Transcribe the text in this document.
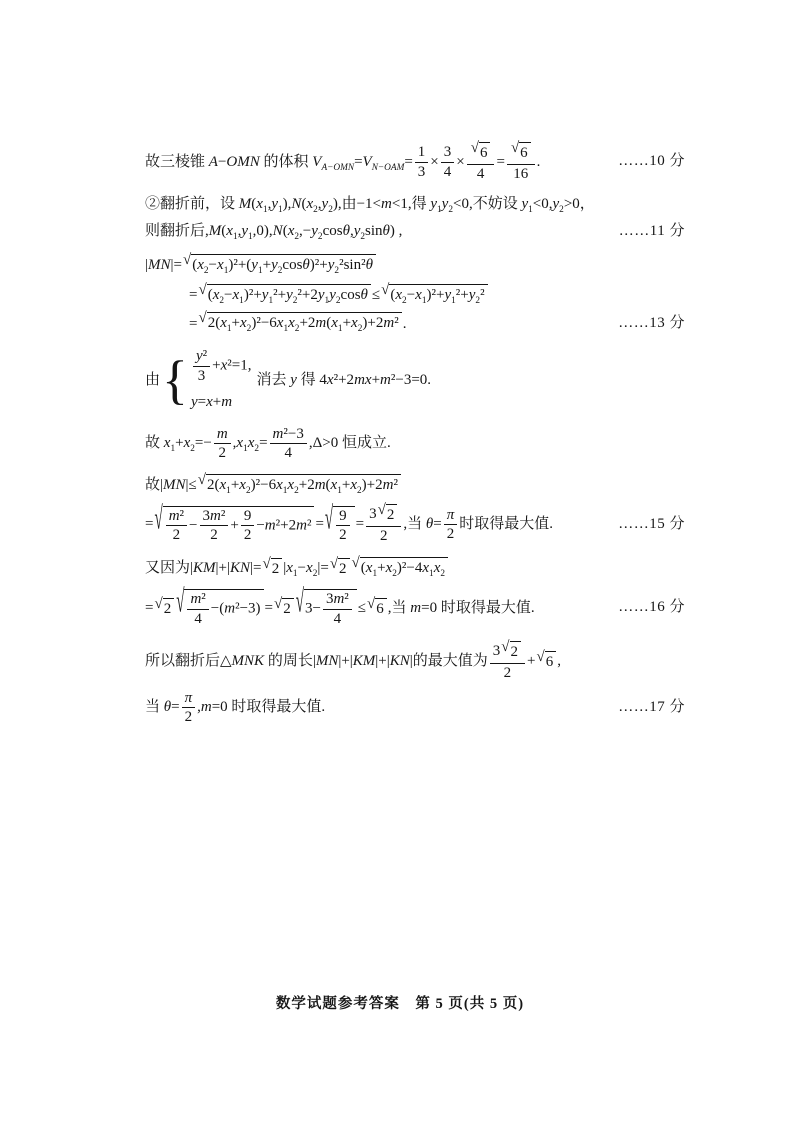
故三棱锥 A−OMN 的体积 $V_{A-OMN}=V_{N-OAM}= \frac{1}{3} \times \frac{3}{4} \times \frac{√ 6}{4} = \frac{√ 6}{16}$ .	……10 分
②翻折前，设 $M(x_1,y_1),N(x_2,y_2)$,由−1<m<1,得 $y_1y_2<0$,不妨设 $y_1<0,y_2>0$，
则翻折后$,M(x_1,y_1,0),N(x_2,-y_2\cos\theta,y_2\sin\theta)$ ,	……11 分
|MN|= √ $(x_2-x_1)^2+(y_1+y_2\cos\theta)^2+y_2^2\sin^2\theta$
= √ $(x_2-x_1)^2+y_1^2+y_2^2+2y_1y_2\cos\theta$ ≤ √ $(x_2-x_1)^2+y_1^2+y_2^2$
= √ $2(x_1+x_2)^2-6x_1x_2+2m(x_1+x_2)+2m^2$ .	……13 分
由 { $\frac{\text{y²}}{3} +x^2=1$,
y=x+m
消去 y 得 4x²+2mx+m²−3=0.
故 $x_1+x_2=- \frac{m}{2} ,x_1x_2= \frac{\text{m²−3}}{4} ,\Delta>0$ 恒成立.
故|MN|≤ √ $2(x_1+x_2)^2-6x_1x_2+2m(x_1+x_2)+2m^2$
= √ $\frac{\text{m²}}{2} - \frac{\text{3m²}}{2} + \frac{9}{2} -m^2+2m^2$ = √ $\frac{9}{2} = \frac{3 √ 2}{2}$ ,当 $\theta= \frac{\pi}{2}$ 时取得最大值.	……15 分
又因为|KM|+|KN|= √ 2 $|x_1-x_2|=$ √ 2 √ $(x_1+x_2)^2-4x_1x_2$
= √ 2 √ $\frac{\text{m²}}{4} -(m^2-3)$ = √ 2 √ $3- \frac{\text{3m²}}{4}$ ≤ √ 6 ,当 m=0 时取得最大值.	……16 分
所以翻折后△MNK 的周长|MN|+|KM|+|KN|的最大值为 $\frac{3 √ 2}{2}$ + √ 6 ,
当 $\theta= \frac{\pi}{2} ,m=0$ 时取得最大值.	……17 分
数学试题参考答案　第 5 页(共 5 页)
